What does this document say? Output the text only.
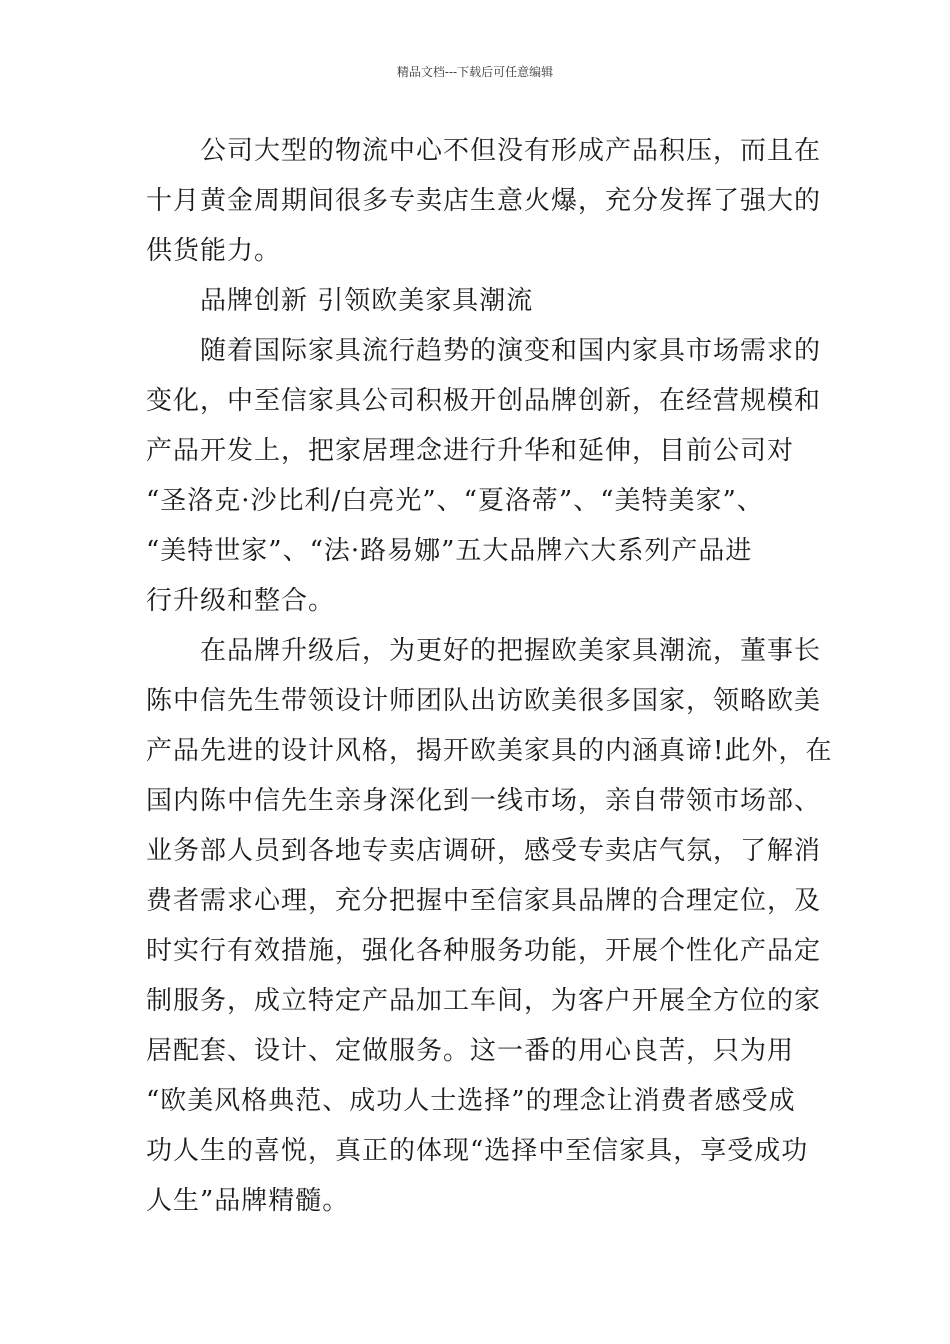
精品文档---下载后可任意编辑
公司大型的物流中心不但没有形成产品积压，而且在
十月黄金周期间很多专卖店生意火爆，充分发挥了强大的
供货能力。
品牌创新 引领欧美家具潮流
随着国际家具流行趋势的演变和国内家具市场需求的
变化，中至信家具公司积极开创品牌创新，在经营规模和
产品开发上，把家居理念进行升华和延伸，目前公司对
“圣洛克·沙比利/白亮光”、“夏洛蒂”、“美特美家”、
“美特世家”、“法·路易娜”五大品牌六大系列产品进
行升级和整合。
在品牌升级后，为更好的把握欧美家具潮流，董事长
陈中信先生带领设计师团队出访欧美很多国家，领略欧美
产品先进的设计风格，揭开欧美家具的内涵真谛!此外，在
国内陈中信先生亲身深化到一线市场，亲自带领市场部、
业务部人员到各地专卖店调研，感受专卖店气氛，了解消
费者需求心理，充分把握中至信家具品牌的合理定位，及
时实行有效措施，强化各种服务功能，开展个性化产品定
制服务，成立特定产品加工车间，为客户开展全方位的家
居配套、设计、定做服务。这一番的用心良苦，只为用
“欧美风格典范、成功人士选择”的理念让消费者感受成
功人生的喜悦，真正的体现“选择中至信家具，享受成功
人生”品牌精髓。
